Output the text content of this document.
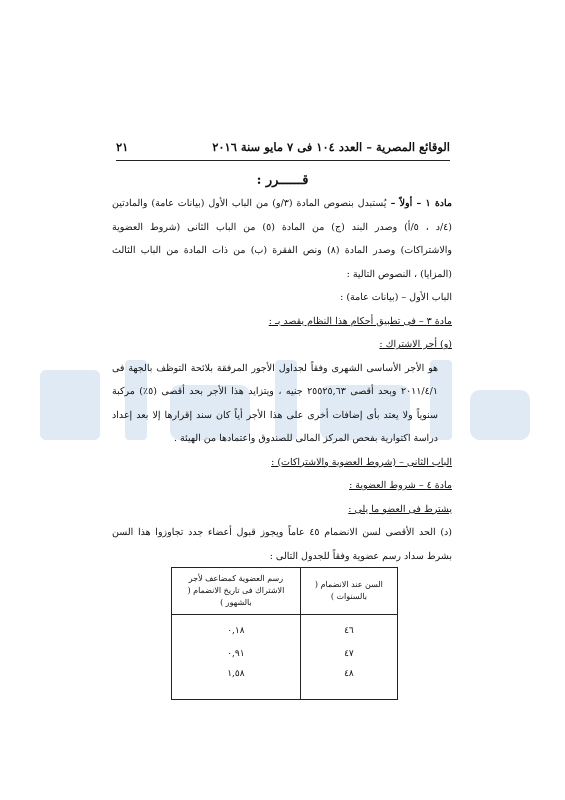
الوقائع المصرية – العدد ١٠٤ فى ٧ مايو سنة ٢٠١٦
٢١
قــــــرر :

مادة ١ – أولاً – يُستبدل بنصوص المادة (٣/و) من الباب الأول (بيانات عامة) والمادتين (٤/د ، ٥/أ) وصدر البند (ج) من المادة (٥) من الباب الثانى (شروط العضوية والاشتراكات) وصدر المادة (٨) ونص الفقرة (ب) من ذات المادة من الباب الثالث (المزايا) ، النصوص التالية :

الباب الأول – (بيانات عامة) :

مادة ٣ – فى تطبيق أحكام هذا النظام يقصد بـ :

(و) أجر الاشتراك :

هو الأجر الأساسى الشهرى وفقاً لجداول الأجور المرفقة بلائحة التوظف بالجهة فى ٢٠١١/٤/١ وبحد أقصى ٢٥٥٢٥,٦٣ جنيه ، ويتزايد هذا الأجر بحد أقصى (٥٪) مركبة سنوياً ولا يعتد بأى إضافات أخرى على هذا الأجر أياً كان سند إقرارها إلا بعد إعداد دراسة اكتوارية بفحص المركز المالى للصندوق واعتمادها من الهيئة .

الباب الثانى – (شروط العضوية والاشتراكات) :

مادة ٤ – شروط العضوية :

يشترط فى العضو ما يلى :

(د) الحد الأقصى لسن الانضمام ٤٥ عاماً ويجوز قبول أعضاء جدد تجاوزوا هذا السن بشرط سداد رسم عضوية وفقاً للجدول التالى :

السن عند الانضمام ( بالسنوات )	رسم العضوية كمضاعف لأجر الاشتراك فى تاريخ الانضمام ( بالشهور )

٤٦	٠,١٨

٤٧	٠,٩١

٤٨	١,٥٨
